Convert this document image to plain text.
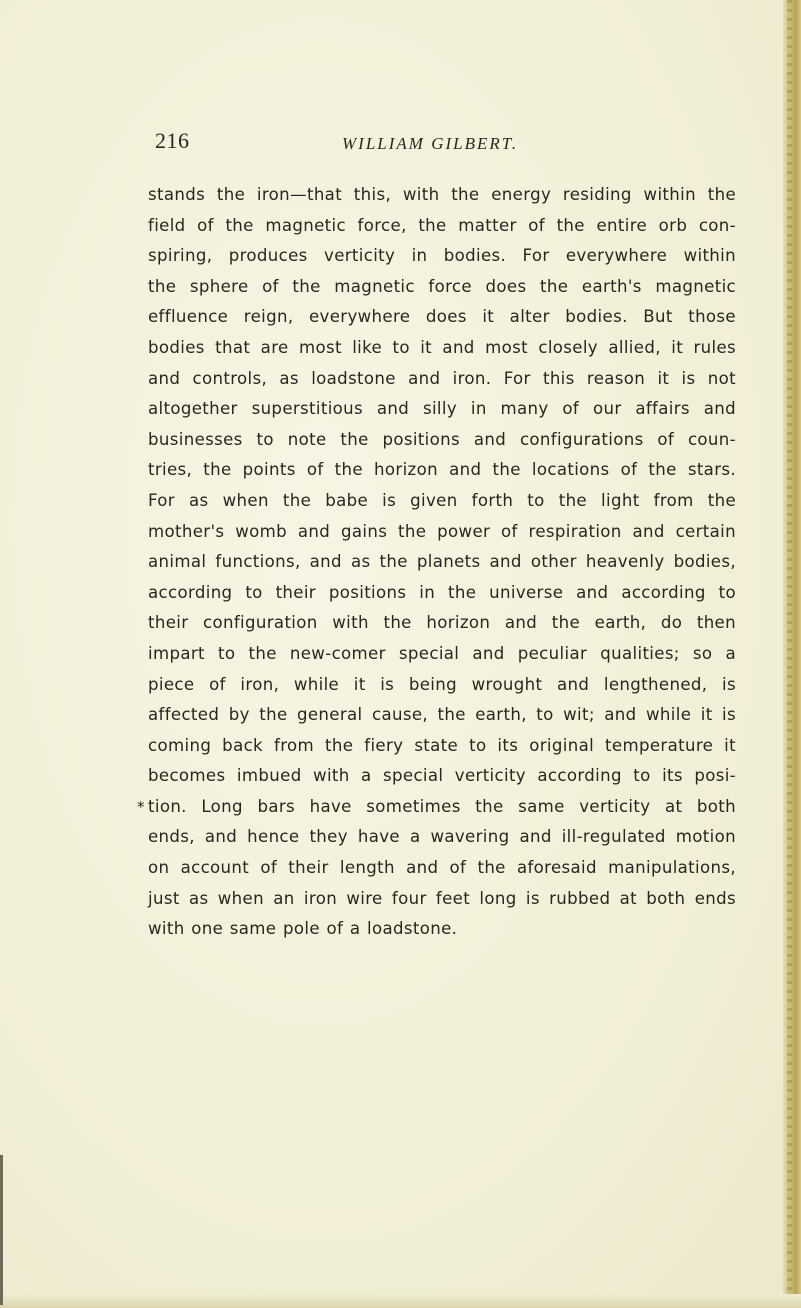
216	WILLIAM GILBERT.
stands the iron—that this, with the energy residing within the
field of the magnetic force, the matter of the entire orb con-
spiring, produces verticity in bodies. For everywhere within
the sphere of the magnetic force does the earth's magnetic
effluence reign, everywhere does it alter bodies. But those
bodies that are most like to it and most closely allied, it rules
and controls, as loadstone and iron. For this reason it is not
altogether superstitious and silly in many of our affairs and
businesses to note the positions and configurations of coun-
tries, the points of the horizon and the locations of the stars.
For as when the babe is given forth to the light from the
mother's womb and gains the power of respiration and certain
animal functions, and as the planets and other heavenly bodies,
according to their positions in the universe and according to
their configuration with the horizon and the earth, do then
impart to the new-comer special and peculiar qualities; so a
piece of iron, while it is being wrought and lengthened, is
affected by the general cause, the earth, to wit; and while it is
coming back from the fiery state to its original temperature it
becomes imbued with a special verticity according to its posi-
* tion. Long bars have sometimes the same verticity at both
ends, and hence they have a wavering and ill-regulated motion
on account of their length and of the aforesaid manipulations,
just as when an iron wire four feet long is rubbed at both ends
with one same pole of a loadstone.
